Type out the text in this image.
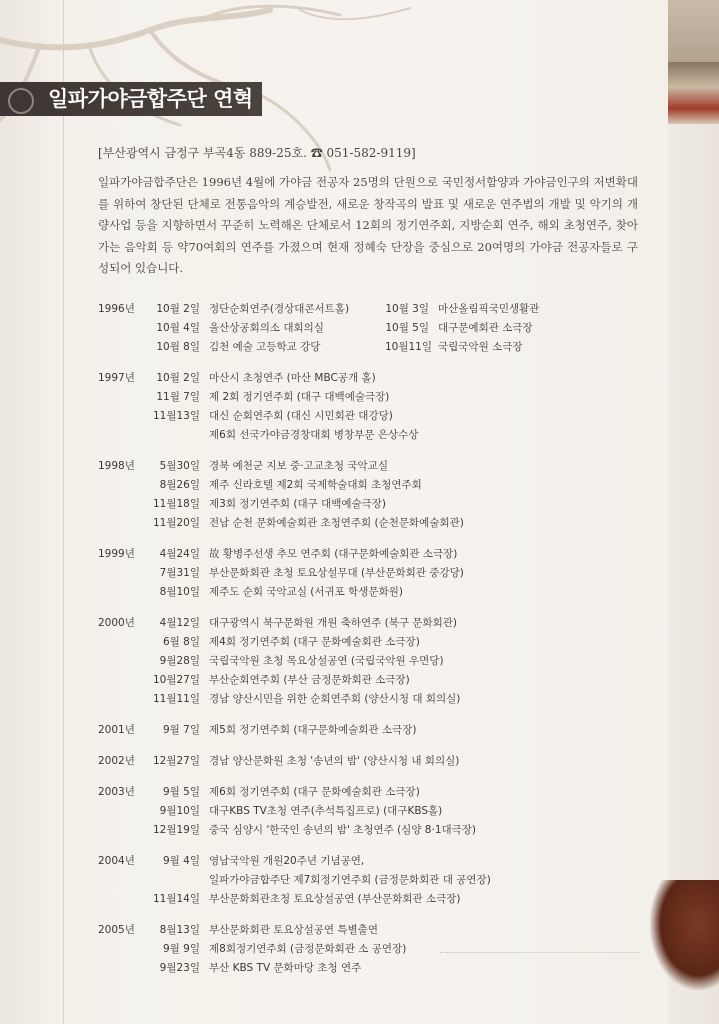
일파가야금합주단 연혁
[부산광역시 금정구 부곡4동 889-25호. ☎ 051-582-9119]
일파가야금합주단은 1996년 4월에 가야금 전공자 25명의 단원으로 국민정서함양과 가야금인구의 저변확대를 위하여 창단된 단체로 전통음악의 계승발전, 새로운 창작곡의 발표 및 새로운 연주법의 개발 및 악기의 개량사업 등을 지향하면서 꾸준히 노력해온 단체로서 12회의 정기연주회, 지방순회 연주, 해외 초청연주, 찾아가는 음악회 등 약70여회의 연주를 가졌으며 현재 정혜숙 단장을 중심으로 20여명의 가야금 전공자들로 구성되어 있습니다.
1996년	10월 2일 정단순회연주(경상대콘서트홀)	10월 3일 마산올림픽국민생활관
10월 4일 울산상공회의소 대회의실	10월 5일 대구문예회관 소극장
10월 8일 김천 예술 고등학교 강당	10월11일 국립국악원 소극장
1997년	10월 2일 마산시 초청연주 (마산 MBC공개 홀)
11월 7일 제 2회 정기연주회 (대구 대백예술극장)
11월13일 대신 순회연주회 (대신 시민회관 대강당)
제6회 선국가야금경창대회 병창부문 은상수상
1998년	5월30일 경북 예천군 지보 중·고교초청 국악교실
8월26일 제주 신라호텔 제2회 국제학술대회 초청연주회
11월18일 제3회 정기연주회 (대구 대백예술극장)
11월20일 전남 순천 문화예술회관 초청연주회 (순천문화예술회관)
1999년	4월24일 故 황병주선생 추모 연주회 (대구문화예술회관 소극장)
7월31일 부산문화회관 초청 토요상설무대 (부산문화회관 중강당)
8월10일 제주도 순회 국악교실 (서귀포 학생문화원)
2000년	4월12일 대구광역시 북구문화원 개원 축하연주 (북구 문화회관)
6월 8일 제4회 정기연주회 (대구 문화예술회관 소극장)
9월28일 국립국악원 초청 목요상설공연 (국립국악원 우면당)
10월27일 부산순회연주회 (부산 금정문화회관 소극장)
11월11일 경남 양산시민을 위한 순회연주회 (양산시청 대 회의실)
2001년	9월 7일 제5회 정기연주회 (대구문화예술회관 소극장)
2002년	12월27일 경남 양산문화원 초청 '송년의 밤' (양산시청 내 회의실)
2003년	9월 5일 제6회 정기연주회 (대구 문화예술회관 소극장)
9월10일 대구KBS TV초청 연주(추석특집프로) (대구KBS홀)
12월19일 중국 심양시 '한국인 송년의 밤' 초청연주 (심양 8·1대극장)
2004년	9월 4일 영남국악원 개원20주년 기념공연,
일파가야금합주단 제7회정기연주회 (금정문화회관 대 공연장)
11월14일 부산문화회관초청 토요상설공연 (부산문화회관 소극장)
2005년	8월13일 부산문화회관 토요상설공연 특별출연
9월 9일 제8회정기연주회 (금정문화회관 소 공연장)
9월23일 부산 KBS TV 문화마당 초청 연주
